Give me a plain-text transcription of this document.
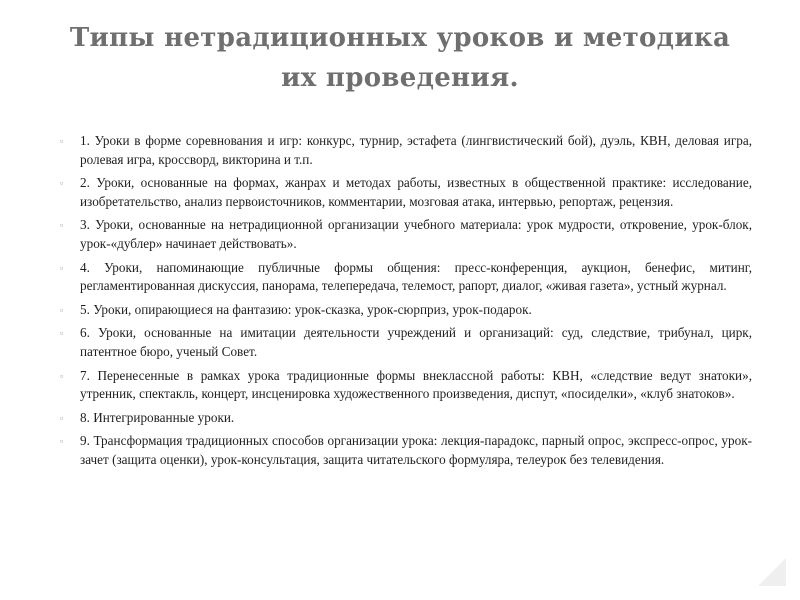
Типы нетрадиционных уроков и методика их проведения.
▫ 1. Уроки в форме соревнования и игр: конкурс, турнир, эстафета (лингвистический бой), дуэль, КВН, деловая игра, ролевая игра, кроссворд, викторина и т.п.
▫ 2. Уроки, основанные на формах, жанрах и методах работы, известных в общественной практике: исследование, изобретательство, анализ первоисточников, комментарии, мозговая атака, интервью, репортаж, рецензия.
▫ 3. Уроки, основанные на нетрадиционной организации учебного материала: урок мудрости, откровение, урок-блок, урок-«дублер» начинает действовать».
▫ 4. Уроки, напоминающие публичные формы общения: пресс-конференция, аукцион, бенефис, митинг, регламентированная дискуссия, панорама, телепередача, телемост, рапорт, диалог, «живая газета», устный журнал.
▫ 5. Уроки, опирающиеся на фантазию: урок-сказка, урок-сюрприз, урок-подарок.
▫ 6. Уроки, основанные на имитации деятельности учреждений и организаций: суд, следствие, трибунал, цирк, патентное бюро, ученый Совет.
▫ 7. Перенесенные в рамках урока традиционные формы внеклассной работы: КВН, «следствие ведут знатоки», утренник, спектакль, концерт, инсценировка художественного произведения, диспут, «посиделки», «клуб знатоков».
▫ 8. Интегрированные уроки.
▫ 9. Трансформация традиционных способов организации урока: лекция-парадокс, парный опрос, экспресс-опрос, урок-зачет (защита оценки), урок-консультация, защита читательского формуляра, телеурок без телевидения.
